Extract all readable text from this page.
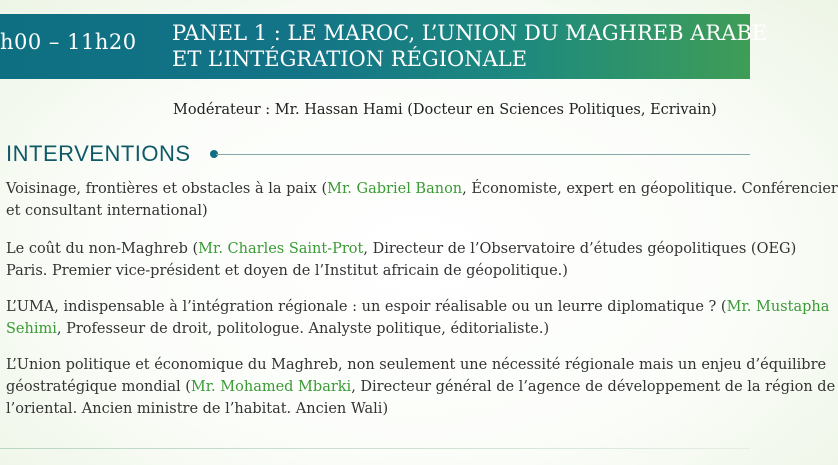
h00 – 11h20	PANEL 1 : LE MAROC, L’UNION DU MAGHREB ARABE
ET L’INTÉGRATION RÉGIONALE
Modérateur : Mr. Hassan Hami (Docteur en Sciences Politiques, Ecrivain)
INTERVENTIONS
Voisinage, frontières et obstacles à la paix (Mr. Gabriel Banon, Économiste, expert en géopolitique. Conférencier
et consultant international)
Le coût du non-Maghreb (Mr. Charles Saint-Prot, Directeur de l’Observatoire d’études géopolitiques (OEG)
Paris. Premier vice-président et doyen de l’Institut africain de géopolitique.)
L’UMA, indispensable à l’intégration régionale : un espoir réalisable ou un leurre diplomatique ? (Mr. Mustapha
Sehimi, Professeur de droit, politologue. Analyste politique, éditorialiste.)
L’Union politique et économique du Maghreb, non seulement une nécessité régionale mais un enjeu d’équilibre
géostratégique mondial (Mr. Mohamed Mbarki, Directeur général de l’agence de développement de la région de
l’oriental. Ancien ministre de l’habitat. Ancien Wali)
